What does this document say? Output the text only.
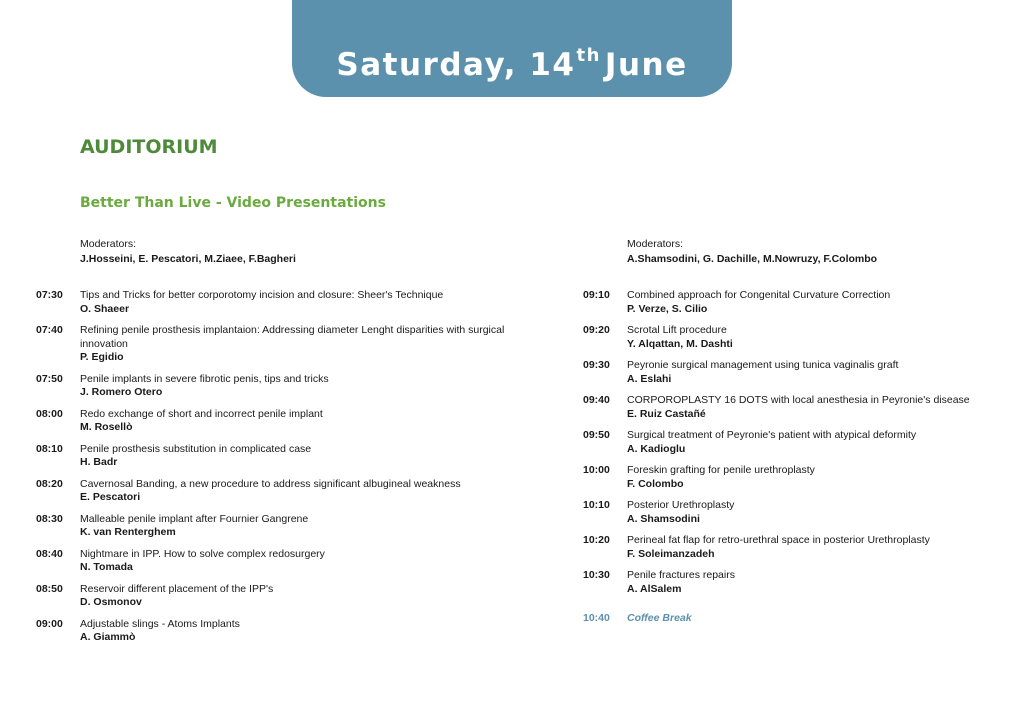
Saturday, 14th June
AUDITORIUM
Better Than Live - Video Presentations
Moderators:
J.Hosseini, E. Pescatori, M.Ziaee, F.Bagheri
Moderators:
A.Shamsodini, G. Dachille, M.Nowruzy, F.Colombo
07:30 Tips and Tricks for better corporotomy incision and closure: Sheer's Technique
O. Shaeer
07:40 Refining penile prosthesis implantaion: Addressing diameter Lenght disparities with surgical innovation
P. Egidio
07:50 Penile implants in severe fibrotic penis, tips and tricks
J. Romero Otero
08:00 Redo exchange of short and incorrect penile implant
M. Rosellò
08:10 Penile prosthesis substitution in complicated case
H. Badr
08:20 Cavernosal Banding, a new procedure to address significant albugineal weakness
E. Pescatori
08:30 Malleable penile implant after Fournier Gangrene
K. van Renterghem
08:40 Nightmare in IPP. How to solve complex redosurgery
N. Tomada
08:50 Reservoir different placement of the IPP's
D. Osmonov
09:00 Adjustable slings - Atoms Implants
A. Giammò
09:10 Combined approach for Congenital Curvature Correction
P. Verze, S. Cilio
09:20 Scrotal Lift procedure
Y. Alqattan, M. Dashti
09:30 Peyronie surgical management using tunica vaginalis graft
A. Eslahi
09:40 CORPOROPLASTY 16 DOTS with local anesthesia in Peyronie's disease
E. Ruiz Castañé
09:50 Surgical treatment of Peyronie's patient with atypical deformity
A. Kadioglu
10:00 Foreskin grafting for penile urethroplasty
F. Colombo
10:10 Posterior Urethroplasty
A. Shamsodini
10:20 Perineal fat flap for retro-urethral space in posterior Urethroplasty
F. Soleimanzadeh
10:30 Penile fractures repairs
A. AlSalem
10:40 Coffee Break
